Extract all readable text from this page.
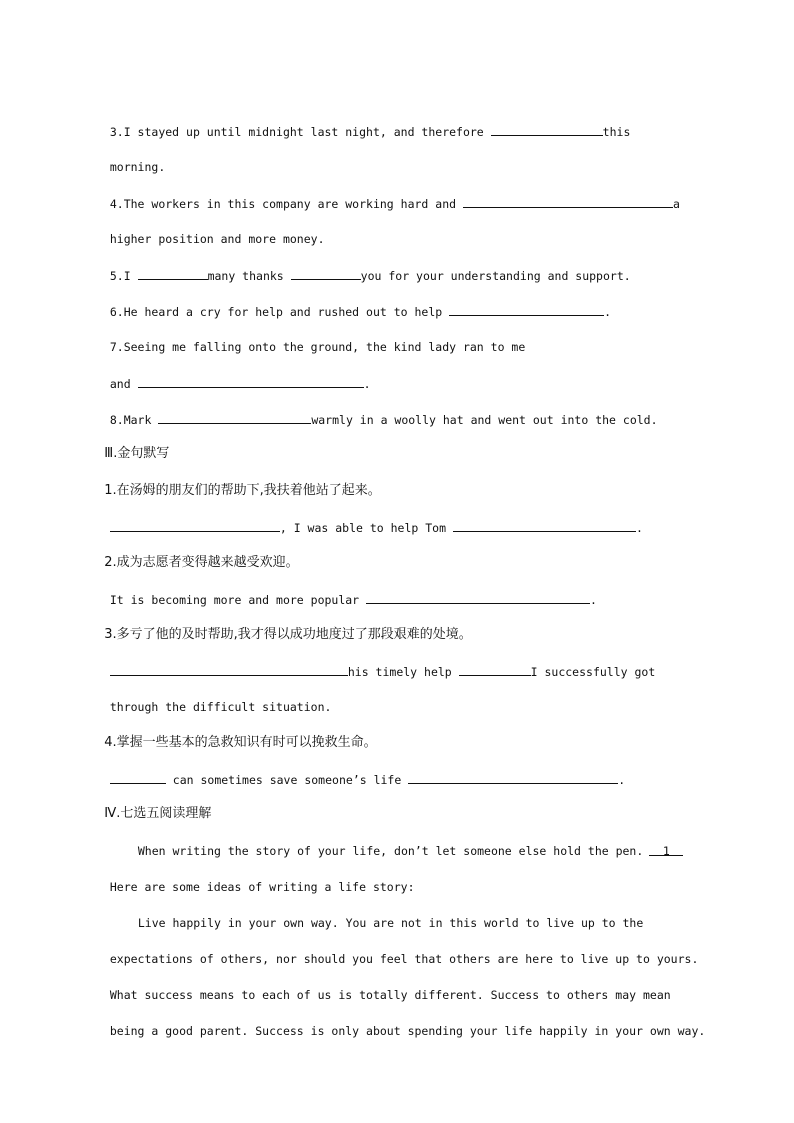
3.I stayed up until midnight last night, and therefore	this

morning.

4.The workers in this company are working hard and	a

higher position and more money.

5.I	many thanks	you for your understanding and support.

6.He heard a cry for help and rushed out to help	.

7.Seeing me falling onto the ground, the kind lady ran to me

and	.

8.Mark	warmly in a woolly hat and went out into the cold.

Ⅲ.金句默写

1.在汤姆的朋友们的帮助下,我扶着他站了起来。

, I was able to help Tom	.

2.成为志愿者变得越来越受欢迎。

It is becoming more and more popular	.

3.多亏了他的及时帮助,我才得以成功地度过了那段艰难的处境。

his timely help	I successfully got

through the difficult situation.

4.掌握一些基本的急救知识有时可以挽救生命。

can sometimes save someone’s life	.

Ⅳ.七选五阅读理解

When writing the story of your life, don’t let someone else hold the pen. 1

Here are some ideas of writing a life story:

Live happily in your own way. You are not in this world to live up to the

expectations of others, nor should you feel that others are here to live up to yours.

What success means to each of us is totally different. Success to others may mean

being a good parent. Success is only about spending your life happily in your own way.
